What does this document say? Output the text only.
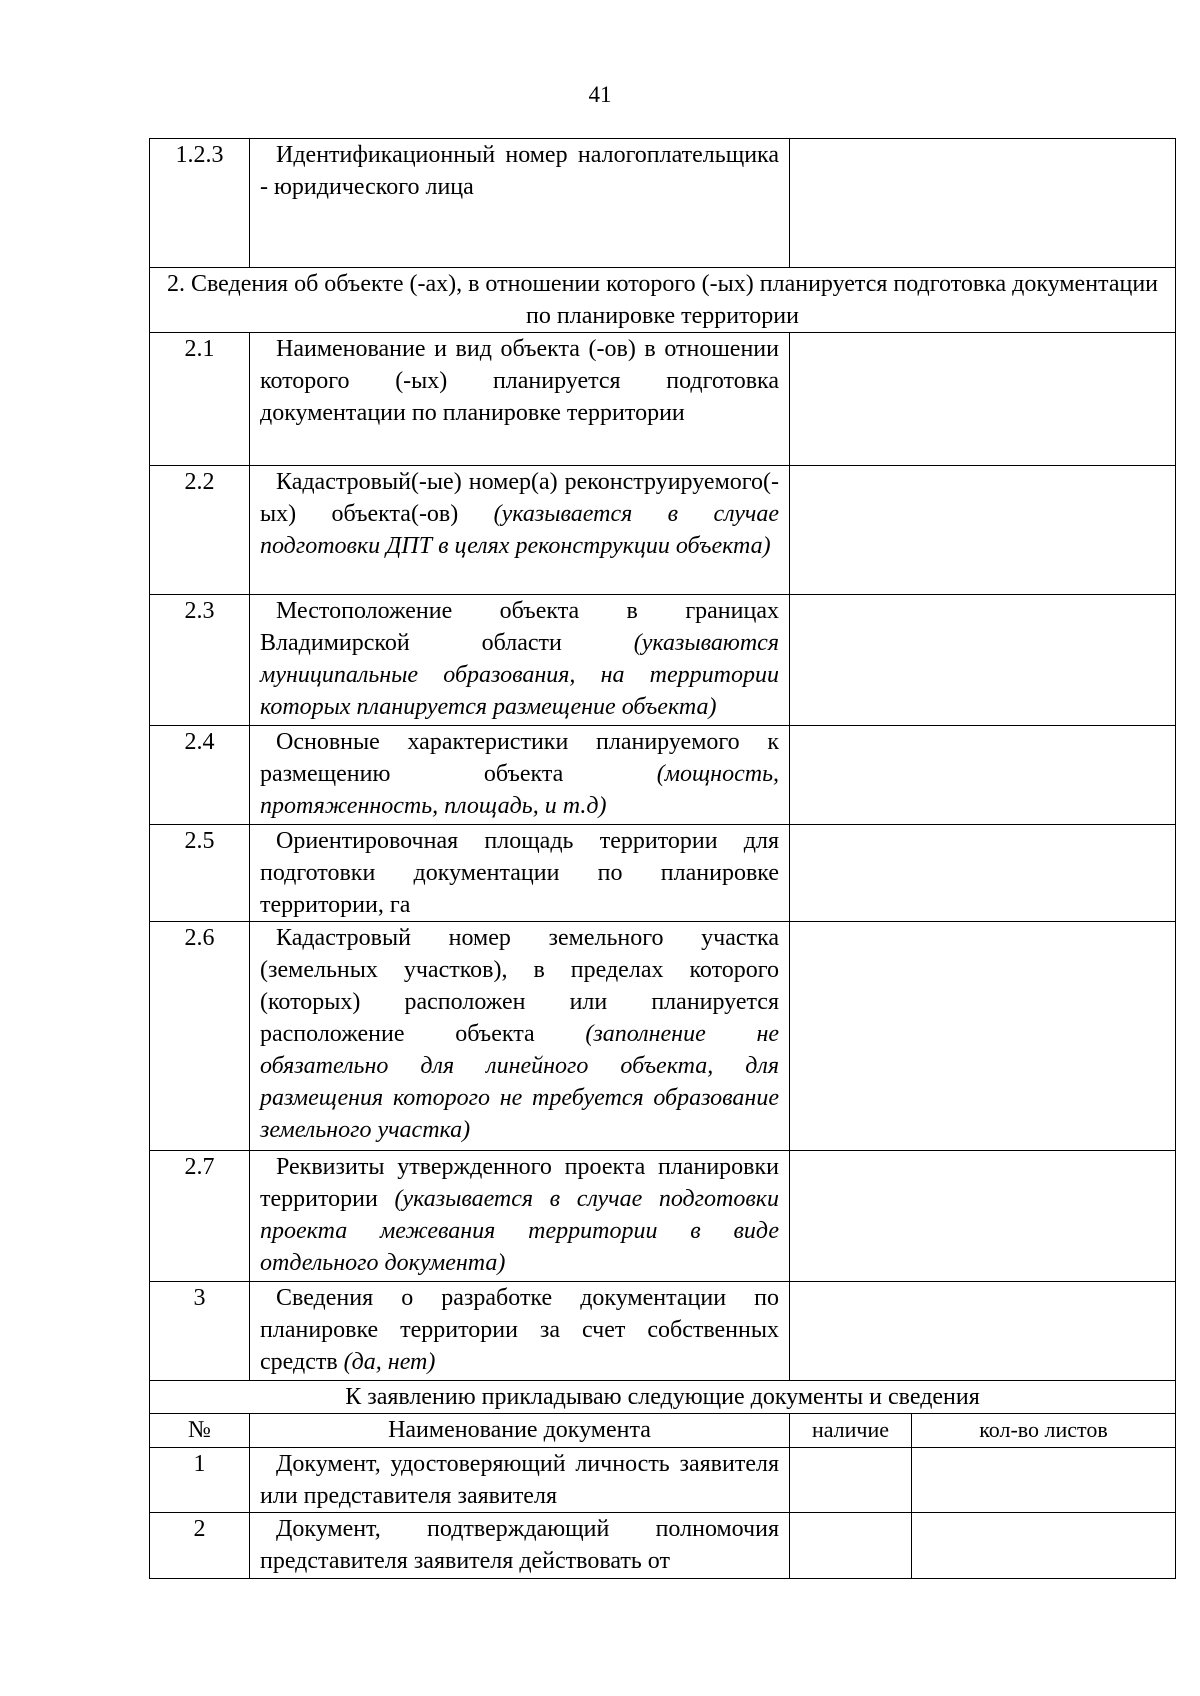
41
1.2.3	Идентификационный номер налогоплательщика - юридического лица		
2. Сведения об объекте (-ах), в отношении которого (-ых) планируется подготовка документации по планировке территории			
2.1	Наименование и вид объекта (-ов) в отношении которого (-ых) планируется подготовка документации по планировке территории		
2.2	Кадастровый(-ые) номер(а) реконструируемого(-ых) объекта(-ов) (указывается в случае подготовки ДПТ в целях реконструкции объекта)		
2.3	Местоположение объекта в границах Владимирской области (указываются муниципальные образования, на территории которых планируется размещение объекта)		
2.4	Основные характеристики планируемого к размещению объекта (мощность, протяженность, площадь, и т.д)		
2.5	Ориентировочная площадь территории для подготовки документации по планировке территории, га		
2.6	Кадастровый номер земельного участка (земельных участков), в пределах которого (которых) расположен или планируется расположение объекта (заполнение не обязательно для линейного объекта, для размещения которого не требуется образование земельного участка)		
2.7	Реквизиты утвержденного проекта планировки территории (указывается в случае подготовки проекта межевания территории в виде отдельного документа)		
3	Сведения о разработке документации по планировке территории за счет собственных средств (да, нет)		
К заявлению прикладываю следующие документы и сведения			
№	Наименование документа	наличие	кол-во листов
1	Документ, удостоверяющий личность заявителя или представителя заявителя		
2	Документ, подтверждающий полномочия представителя заявителя действовать от		
